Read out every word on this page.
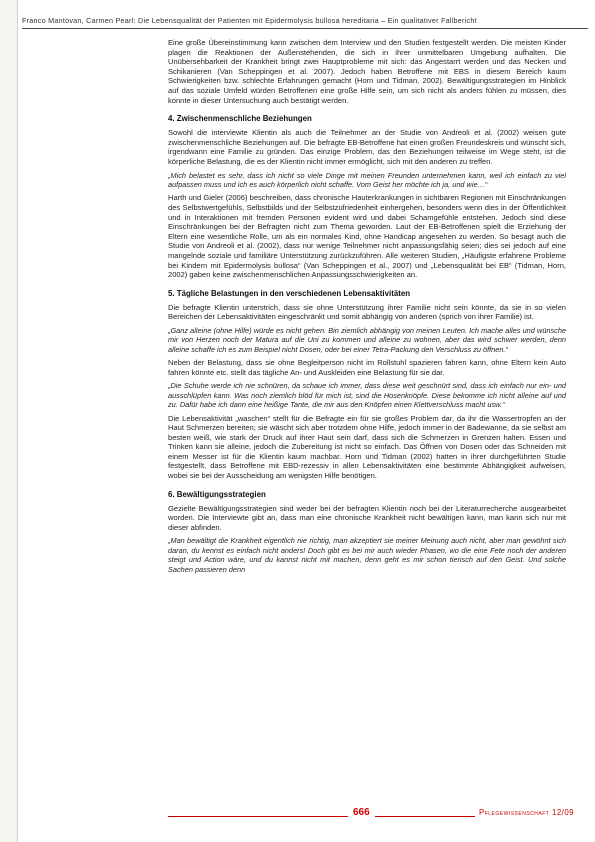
Franco Mantovan, Carmen Pearl: Die Lebensqualität der Patienten mit Epidermolysis bullosa hereditaria – Ein qualitativer Fallbericht

Eine große Übereinstimmung kann zwischen dem Interview und den Studien festgestellt werden. Die meisten Kinder plagen die Reaktionen der Außenstehenden, die sich in ihrer unmittelbaren Umgebung aufhalten. Die Unübersehbarkeit der Krankheit bringt zwei Hauptprobleme mit sich: das Angestarrt werden und das Necken und Schikanieren (Van Scheppingen et al. 2007). Jedoch haben Betroffene mit EBS in diesem Bereich kaum Schwierigkeiten bzw. schlechte Erfahrungen gemacht (Horn und Tidman, 2002). Bewältigungsstrategien im Hinblick auf das soziale Umfeld würden Betroffenen eine große Hilfe sein, um sich nicht als anders fühlen zu müssen, dies konnte in dieser Untersuchung auch bestätigt werden.

4. Zwischenmenschliche Beziehungen

Sowohl die interviewte Klientin als auch die Teilnehmer an der Studie von Andreoli et al. (2002) weisen gute zwischenmenschliche Beziehungen auf. Die befragte EB-Betroffene hat einen großen Freundeskreis und wünscht sich, irgendwann eine Familie zu gründen. Das einzige Problem, das den Beziehungen teilweise im Wege steht, ist die körperliche Belastung, die es der Klientin nicht immer ermöglicht, sich mit den anderen zu treffen.

„Mich belastet es sehr, dass ich nicht so viele Dinge mit meinen Freunden unternehmen kann, weil ich einfach zu viel aufpassen muss und ich es auch körperlich nicht schaffe. Vom Geist her möchte ich ja, und wie…“

Harth und Gieler (2006) beschreiben, dass chronische Hauterkrankungen in sichtbaren Regionen mit Einschränkungen des Selbstwertgefühls, Selbstbilds und der Selbstzufriedenheit einhergehen, besonders wenn dies in der Öffentlichkeit und in Interaktionen mit fremden Personen evident wird und dabei Schamgefühle entstehen. Jedoch sind diese Einschränkungen bei der Befragten nicht zum Thema geworden. Laut der EB-Betroffenen spielt die Erziehung der Eltern eine wesentliche Rolle, um als ein normales Kind, ohne Handicap angesehen zu werden. So besagt auch die Studie von Andreoli et al. (2002), dass nur wenige Teilnehmer nicht anpassungsfähig seien; dies sei jedoch auf eine mangelnde soziale und familiäre Unterstützung zurückzuführen. Alle weiteren Studien, „Häufigste erfahrene Probleme bei Kindern mit Epidermolysis bullosa“ (Van Scheppingen et al., 2007) und „Lebensqualität bei EB“ (Tidman, Horn, 2002) gaben keine zwischenmenschlichen Anpassungsschwierigkeiten an.

5. Tägliche Belastungen in den verschiedenen Lebensaktivitäten

Die befragte Klientin unterstrich, dass sie ohne Unterstützung ihrer Familie nicht sein könnte, da sie in so vielen Bereichen der Lebensaktivitäten eingeschränkt und somit abhängig von anderen (sprich von ihrer Familie) ist.

„Ganz alleine (ohne Hilfe) würde es nicht gehen. Bin ziemlich abhängig von meinen Leuten. Ich mache alles und wünsche mir von Herzen noch der Matura auf die Uni zu kommen und alleine zu wohnen, aber das wird schwer werden, denn alleine schaffe ich es zum Beispiel nicht Dosen, oder bei einer Tetra-Packung den Verschluss zu öffnen.“

Neben der Belastung, dass sie ohne Begleitperson nicht im Rollstuhl spazieren fahren kann, ohne Eltern kein Auto fahren könnte etc. stellt das tägliche An- und Auskleiden eine Belastung für sie dar.

„Die Schuhe werde ich nie schnüren, da schaue ich immer, dass diese weit geschnürt sind, dass ich einfach nur ein- und ausschlüpfen kann. Was noch ziemlich blöd für mich ist, sind die Hosenknöpfe. Diese bekomme ich nicht alleine auf und zu. Dafür habe ich dann eine heißige Tante, die mir aus den Knöpfen einen Klettverschluss macht usw.“

Die Lebensaktivität „waschen“ stellt für die Befragte ein für sie großes Problem dar, da ihr die Wassertropfen an der Haut Schmerzen bereiten; sie wäscht sich aber trotzdem ohne Hilfe, jedoch immer in der Badewanne, da sie selbst am besten weiß, wie stark der Druck auf ihrer Haut sein darf, dass sich die Schmerzen in Grenzen halten. Essen und Trinken kann sie alleine, jedoch die Zubereitung ist nicht so einfach. Das Öffnen von Dosen oder das Schneiden mit einem Messer ist für die Klientin kaum machbar. Horn und Tidman (2002) hatten in ihrer durchgeführten Studie festgestellt, dass Betroffene mit EBD-rezessiv in allen Lebensaktivitäten eine bestimmte Abhängigkeit aufweisen, wobei sie bei der Ausscheidung am wenigsten Hilfe benötigen.

6. Bewältigungsstrategien

Gezielte Bewältigungsstrategien sind weder bei der befragten Klientin noch bei der Literaturrecherche ausgearbeitet worden. Die Interviewte gibt an, dass man eine chronische Krankheit nicht bewältigen kann, man kann sich nur mit dieser abfinden.

„Man bewältigt die Krankheit eigentlich nie richtig, man akzeptiert sie meiner Meinung auch nicht, aber man gewöhnt sich daran, du kennst es einfach nicht anders! Doch gibt es bei mir auch wieder Phasen, wo die eine Fete noch der anderen steigt und Action wäre, und du kannst nicht mit machen, denn geht es mir schon tierisch auf den Geist. Und solche Sachen passieren denn

666	Pflegewissenschaft 12/09
